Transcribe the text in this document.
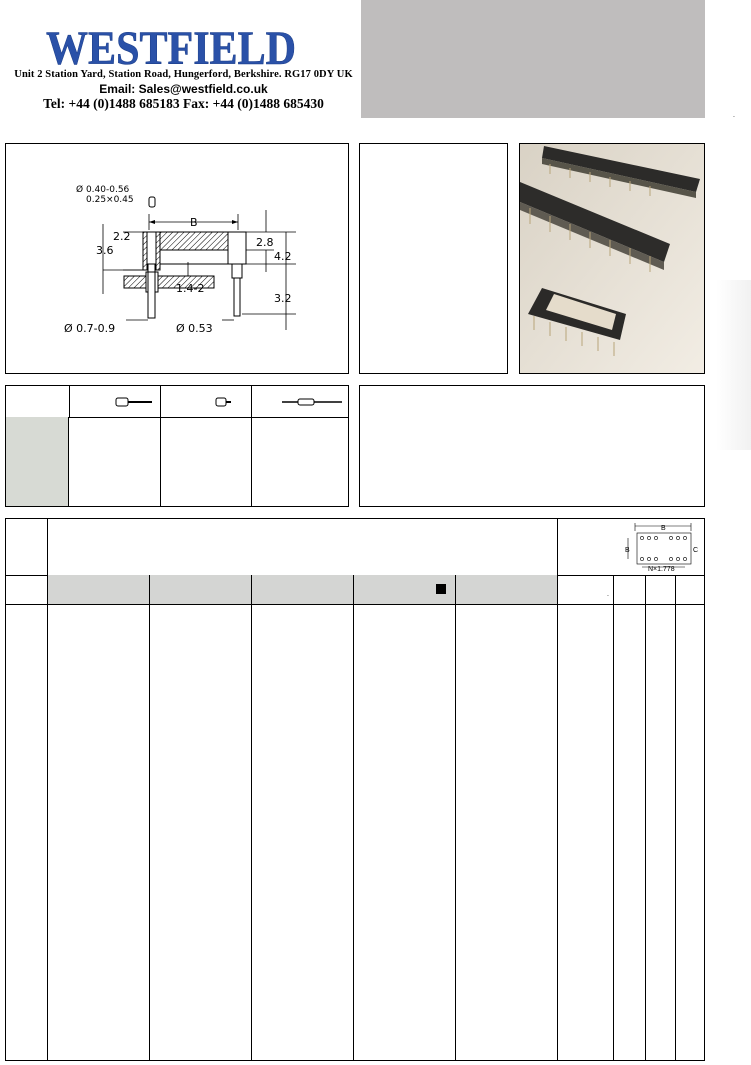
WESTFIELD
Unit 2 Station Yard, Station Road, Hungerford, Berkshire. RG17 0DY UK
Email: Sales@westfield.co.uk
Tel: +44 (0)1488 685183 Fax: +44 (0)1488 685430
.
Ø 0.40-0.56
0.25×0.45
B
2.2
3.6
2.8
4.2
3.2
1.4-2
Ø 0.7-0.9	Ø 0.53
.
B
B	C
N×1.778
